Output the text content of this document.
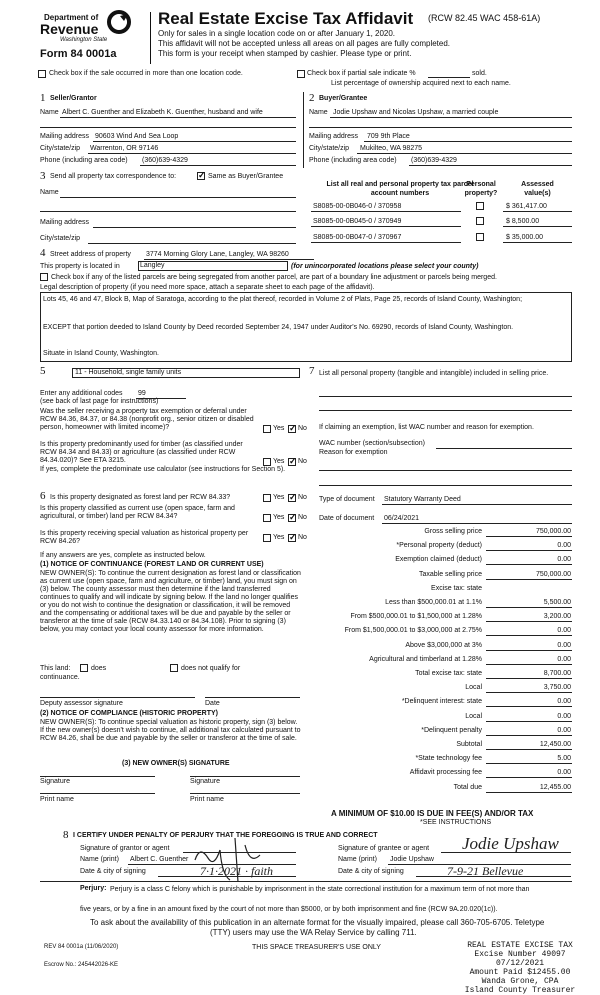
Department of
Revenue
Washington State
Form 84 0001a
Real Estate Excise Tax Affidavit (RCW 82.45 WAC 458-61A)
Only for sales in a single location code on or after January 1, 2020.
This affidavit will not be accepted unless all areas on all pages are fully completed.
This form is your receipt when stamped by cashier. Please type or print.
Check box if the sale occurred in more than one location code.	Check box if partial sale indicate %	sold.
List percentage of ownership acquired next to each name.
1 Seller/Grantor
Name Albert C. Guenther and Elizabeth K. Guenther, husband and wife
Mailing address 90603 Wind And Sea Loop
City/state/zip Warrenton, OR 97146
Phone (including area code) (360)639-4329
2 Buyer/Grantee
Name Jodie Upshaw and Nicolas Upshaw, a married couple
Mailing address 709 9th Place
City/state/zip Mukilteo, WA 98275
Phone (including area code) (360)639-4329
3 Send all property tax correspondence to: ✓	Same as Buyer/Grantee
Name
Mailing address
City/state/zip
List all real and personal property tax parcel account numbers
Personal property?
Assessed value(s)
S8085-00-0B046-0 / 370958	$ 361,417.00
S8085-00-0B045-0 / 370949	$ 8,500.00
S8085-00-0B047-0 / 370967	$ 35,000.00
4 Street address of property 3774 Morning Glory Lane, Langley, WA 98260
This property is located in	Langley	(for unincorporated locations please select your county)
Check box if any of the listed parcels are being segregated from another parcel, are part of a boundary line adjustment or parcels being merged.
Legal description of property (if you need more space, attach a separate sheet to each page of the affidavit).
Lots 45, 46 and 47, Block B, Map of Saratoga, according to the plat thereof, recorded in Volume 2 of Plats, Page 25, records of Island County, Washington;
EXCEPT that portion deeded to Island County by Deed recorded September 24, 1947 under Auditor's No. 69290, records of Island County, Washington.
Situate in Island County, Washington.
5	11 - Household, single family units
Enter any additional codes 99
(see back of last page for instructions)
Was the seller receiving a property tax exemption or deferral under RCW 84.36, 84.37, or 84.38 (nonprofit org., senior citizen or disabled person, homeowner with limited income)?	Yes ✓ No
Is this property predominantly used for timber (as classified under RCW 84.34 and 84.33) or agriculture (as classified under RCW 84.34.020)? See ETA 3215.	Yes ✓ No
If yes, complete the predominate use calculator (see instructions for Section 5).
7 List all personal property (tangible and intangible) included in selling price.
If claiming an exemption, list WAC number and reason for exemption.
WAC number (section/subsection)
Reason for exemption
6 Is this property designated as forest land per RCW 84.33?	Yes ✓ No
Is this property classified as current use (open space, farm and agricultural, or timber) land per RCW 84.34?	Yes ✓ No
Is this property receiving special valuation as historical property per RCW 84.26?
Yes ✓ No
If any answers are yes, complete as instructed below.
(1) NOTICE OF CONTINUANCE (FOREST LAND OR CURRENT USE)
NEW OWNER(S): To continue the current designation as forest land or classification as current use (open space, farm and agriculture, or timber) land, you must sign on (3) below. The county assessor must then determine if the land transferred continues to qualify and will indicate by signing below. If the land no longer qualifies or you do not wish to continue the designation or classification, it will be removed and the compensating or additional taxes will be due and payable by the seller or transferor at the time of sale (RCW 84.33.140 or 84.34.108). Prior to signing (3) below, you may contact your local county assessor for more information.
This land:	does	does not qualify for
continuance.
Deputy assessor signature	Date
(2) NOTICE OF COMPLIANCE (HISTORIC PROPERTY)
NEW OWNER(S): To continue special valuation as historic property, sign (3) below. If the new owner(s) doesn't wish to continue, all additional tax calculated pursuant to RCW 84.26, shall be due and payable by the seller or transferor at the time of sale.
(3) NEW OWNER(S) SIGNATURE
Signature	Signature
Print name	Print name
Type of document Statutory Warranty Deed
Date of document 06/24/2021
Gross selling price	750,000.00
*Personal property (deduct)	0.00
Exemption claimed (deduct)	0.00
Taxable selling price	750,000.00
Excise tax: state
Less than $500,000.01 at 1.1%	5,500.00
From $500,000.01 to $1,500,000 at 1.28%	3,200.00
From $1,500,000.01 to $3,000,000 at 2.75%	0.00
Above $3,000,000 at 3%	0.00
Agricultural and timberland at 1.28%	0.00
Total excise tax: state	8,700.00
Local	3,750.00
*Delinquent interest: state	0.00
Local	0.00
*Delinquent penalty	0.00
Subtotal	12,450.00
*State technology fee	5.00
Affidavit processing fee	0.00
Total due	12,455.00
A MINIMUM OF $10.00 IS DUE IN FEE(S) AND/OR TAX
*SEE INSTRUCTIONS
8 I CERTIFY UNDER PENALTY OF PERJURY THAT THE FOREGOING IS TRUE AND CORRECT
Signature of grantor or agent
Name (print) Albert C. Guenther
Date & city of signing	7·1·2021 · faith
Signature of grantee or agent Jodie Upshaw
Name (print) Jodie Upshaw
Date & city of signing	7-9-21 Bellevue
Perjury: Perjury is a class C felony which is punishable by imprisonment in the state correctional institution for a maximum term of not more than
five years, or by a fine in an amount fixed by the court of not more than $5000, or by both imprisonment and fine (RCW 9A.20.020(1c)).
To ask about the availability of this publication in an alternate format for the visually impaired, please call 360-705-6705. Teletype
(TTY) users may use the WA Relay Service by calling 711.
REV 84 0001a (11/06/2020)	THIS SPACE TREASURER'S USE ONLY
Escrow No.: 245442026-KE
REAL ESTATE EXCISE TAX
Excise Number 49097
07/12/2021
Amount Paid $12455.00
Wanda Grone, CPA
Island County Treasurer
